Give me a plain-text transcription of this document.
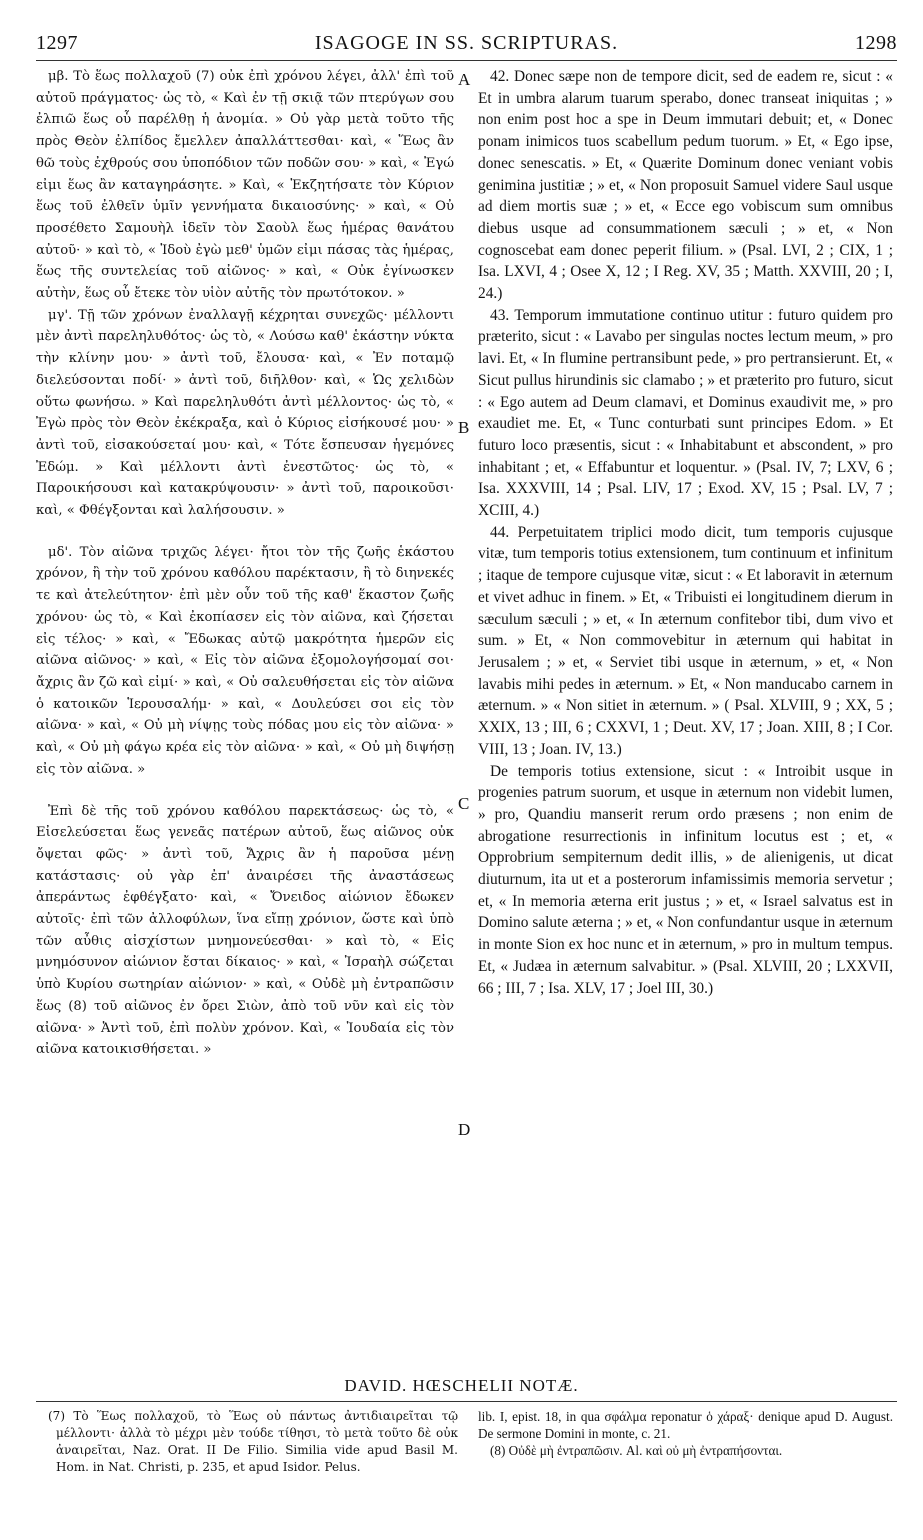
1297	ISAGOGE IN SS. SCRIPTURAS.	1298

μβ. Τὸ ἕως πολλαχοῦ (7) οὐκ ἐπὶ χρόνου λέγει, ἀλλ' ἐπὶ τοῦ αὐτοῦ πράγματος· ὡς τὸ, « Καὶ ἐν τῇ σκιᾷ τῶν πτερύγων σου ἐλπιῶ ἕως οὗ παρέλθῃ ἡ ἀνομία. » Οὐ γὰρ μετὰ τοῦτο τῆς πρὸς Θεὸν ἐλπίδος ἔμελλεν ἀπαλλάττεσθαι· καὶ, « Ἕως ἂν θῶ τοὺς ἐχθρούς σου ὑποπόδιον τῶν ποδῶν σου· » καὶ, « Ἐγώ εἰμι ἕως ἂν καταγηράσητε. » Καὶ, « Ἐκζητήσατε τὸν Κύριον ἕως τοῦ ἐλθεῖν ὑμῖν γεννήματα δικαιοσύνης· » καὶ, « Οὐ προσέθετο Σαμουὴλ ἰδεῖν τὸν Σαοὺλ ἕως ἡμέρας θανάτου αὐτοῦ· » καὶ τὸ, « Ἰδοὺ ἐγὼ μεθ' ὑμῶν εἰμι πάσας τὰς ἡμέρας, ἕως τῆς συντελείας τοῦ αἰῶνος· » καὶ, « Οὐκ ἐγίνωσκεν αὐτὴν, ἕως οὗ ἔτεκε τὸν υἱὸν αὐτῆς τὸν πρωτότοκον. »

μγ'. Τῇ τῶν χρόνων ἐναλλαγῇ κέχρηται συνεχῶς· μέλλοντι μὲν ἀντὶ παρεληλυθότος· ὡς τὸ, « Λούσω καθ' ἑκάστην νύκτα τὴν κλίνην μου· » ἀντὶ τοῦ, ἔλουσα· καὶ, « Ἐν ποταμῷ διελεύσονται ποδί· » ἀντὶ τοῦ, διῆλθον· καὶ, « Ὡς χελιδὼν οὕτω φωνήσω. » Καὶ παρεληλυθότι ἀντὶ μέλλοντος· ὡς τὸ, « Ἐγὼ πρὸς τὸν Θεὸν ἐκέκραξα, καὶ ὁ Κύριος εἰσήκουσέ μου· » ἀντὶ τοῦ, εἰσακούσεταί μου· καὶ, « Τότε ἔσπευσαν ἡγεμόνες Ἐδώμ. » Καὶ μέλλοντι ἀντὶ ἐνεστῶτος· ὡς τὸ, « Παροικήσουσι καὶ κατακρύψουσιν· » ἀντὶ τοῦ, παροικοῦσι· καὶ, « Φθέγξονται καὶ λαλήσουσιν. »

μδ'. Τὸν αἰῶνα τριχῶς λέγει· ἤτοι τὸν τῆς ζωῆς ἑκάστου χρόνον, ἢ τὴν τοῦ χρόνου καθόλου παρέκτασιν, ἢ τὸ διηνεκές τε καὶ ἀτελεύτητον· ἐπὶ μὲν οὖν τοῦ τῆς καθ' ἕκαστον ζωῆς χρόνου· ὡς τὸ, « Καὶ ἐκοπίασεν εἰς τὸν αἰῶνα, καὶ ζήσεται εἰς τέλος· » καὶ, « Ἔδωκας αὐτῷ μακρότητα ἡμερῶν εἰς αἰῶνα αἰῶνος· » καὶ, « Εἰς τὸν αἰῶνα ἐξομολογήσομαί σοι· ἄχρις ἂν ζῶ καὶ εἰμί· » καὶ, « Οὐ σαλευθήσεται εἰς τὸν αἰῶνα ὁ κατοικῶν Ἱερουσαλήμ· » καὶ, « Δουλεύσει σοι εἰς τὸν αἰῶνα· » καὶ, « Οὐ μὴ νίψῃς τοὺς πόδας μου εἰς τὸν αἰῶνα· » καὶ, « Οὐ μὴ φάγω κρέα εἰς τὸν αἰῶνα· » καὶ, « Οὐ μὴ διψήσῃ εἰς τὸν αἰῶνα. »

Ἐπὶ δὲ τῆς τοῦ χρόνου καθόλου παρεκτάσεως· ὡς τὸ, « Εἰσελεύσεται ἕως γενεᾶς πατέρων αὐτοῦ, ἕως αἰῶνος οὐκ ὄψεται φῶς· » ἀντὶ τοῦ, Ἄχρις ἂν ἡ παροῦσα μένῃ κατάστασις· οὐ γὰρ ἐπ' ἀναιρέσει τῆς ἀναστάσεως ἀπεράντως ἐφθέγξατο· καὶ, « Ὄνειδος αἰώνιον ἔδωκεν αὐτοῖς· ἐπὶ τῶν ἀλλοφύλων, ἵνα εἴπῃ χρόνιον, ὥστε καὶ ὑπὸ τῶν αὖθις αἰσχίστων μνημονεύεσθαι· » καὶ τὸ, « Εἰς μνημόσυνον αἰώνιον ἔσται δίκαιος· » καὶ, « Ἰσραὴλ σώζεται ὑπὸ Κυρίου σωτηρίαν αἰώνιον· » καὶ, « Οὐδὲ μὴ ἐντραπῶσιν ἕως (8) τοῦ αἰῶνος ἐν ὄρει Σιὼν, ἀπὸ τοῦ νῦν καὶ εἰς τὸν αἰῶνα· » Ἀντὶ τοῦ, ἐπὶ πολὺν χρόνον. Καὶ, « Ἰουδαία εἰς τὸν αἰῶνα κατοικισθήσεται. »

A
B
C
D

42. Donec sæpe non de tempore dicit, sed de eadem re, sicut : « Et in umbra alarum tuarum sperabo, donec transeat iniquitas ; » non enim post hoc a spe in Deum immutari debuit; et, « Donec ponam inimicos tuos scabellum pedum tuorum. » Et, « Ego ipse, donec senescatis. » Et, « Quærite Dominum donec veniant vobis genimina justitiæ ; » et, « Non proposuit Samuel videre Saul usque ad diem mortis suæ ; » et, « Ecce ego vobiscum sum omnibus diebus usque ad consummationem sæculi ; » et, « Non cognoscebat eam donec peperit filium. » (Psal. LVI, 2 ; CIX, 1 ; Isa. LXVI, 4 ; Osee X, 12 ; I Reg. XV, 35 ; Matth. XXVIII, 20 ; I, 24.)

43. Temporum immutatione continuo utitur : futuro quidem pro præterito, sicut : « Lavabo per singulas noctes lectum meum, » pro lavi. Et, « In flumine pertransibunt pede, » pro pertransierunt. Et, « Sicut pullus hirundinis sic clamabo ; » et præterito pro futuro, sicut : « Ego autem ad Deum clamavi, et Dominus exaudivit me, » pro exaudiet me. Et, « Tunc conturbati sunt principes Edom. » Et futuro loco præsentis, sicut : « Inhabitabunt et abscondent, » pro inhabitant ; et, « Effabuntur et loquentur. » (Psal. IV, 7; LXV, 6 ; Isa. XXXVIII, 14 ; Psal. LIV, 17 ; Exod. XV, 15 ; Psal. LV, 7 ; XCIII, 4.)

44. Perpetuitatem triplici modo dicit, tum temporis cujusque vitæ, tum temporis totius extensionem, tum continuum et infinitum ; itaque de tempore cujusque vitæ, sicut : « Et laboravit in æternum et vivet adhuc in finem. » Et, « Tribuisti ei longitudinem dierum in sæculum sæculi ; » et, « In æternum confitebor tibi, dum vivo et sum. » Et, « Non commovebitur in æternum qui habitat in Jerusalem ; » et, « Serviet tibi usque in æternum, » et, « Non lavabis mihi pedes in æternum. » Et, « Non manducabo carnem in æternum. » « Non sitiet in æternum. » ( Psal. XLVIII, 9 ; XX, 5 ; XXIX, 13 ; III, 6 ; CXXVI, 1 ; Deut. XV, 17 ; Joan. XIII, 8 ; I Cor. VIII, 13 ; Joan. IV, 13.)

De temporis totius extensione, sicut : « Introibit usque in progenies patrum suorum, et usque in æternum non videbit lumen, » pro, Quandiu manserit rerum ordo præsens ; non enim de abrogatione resurrectionis in infinitum locutus est ; et, « Opprobrium sempiternum dedit illis, » de alienigenis, ut dicat diuturnum, ita ut et a posterorum infamissimis memoria servetur ; et, « In memoria æterna erit justus ; » et, « Israel salvatus est in Domino salute æterna ; » et, « Non confundantur usque in æternum in monte Sion ex hoc nunc et in æternum, » pro in multum tempus. Et, « Judæa in æternum salvabitur. » (Psal. XLVIII, 20 ; LXXVII, 66 ; III, 7 ; Isa. XLV, 17 ; Joel III, 30.)

DAVID. HŒSCHELII NOTÆ.

(7) Τὸ Ἕως πολλαχοῦ, τὸ Ἕως οὐ πάντως ἀντιδιαιρεῖται τῷ μέλλοντι· ἀλλὰ τὸ μέχρι μὲν τούδε τίθησι, τὸ μετὰ τοῦτο δὲ οὐκ ἀναιρεῖται, Naz. Orat. II De Filio. Similia vide apud Basil M. Hom. in Nat. Christi, p. 235, et apud Isidor. Pelus.

lib. I, epist. 18, in qua σφάλμα reponatur ὁ χάραξ· denique apud D. August. De sermone Domini in monte, c. 21.

(8) Οὐδὲ μὴ ἐντραπῶσιν. Al. καὶ οὐ μὴ ἐντραπήσονται.
